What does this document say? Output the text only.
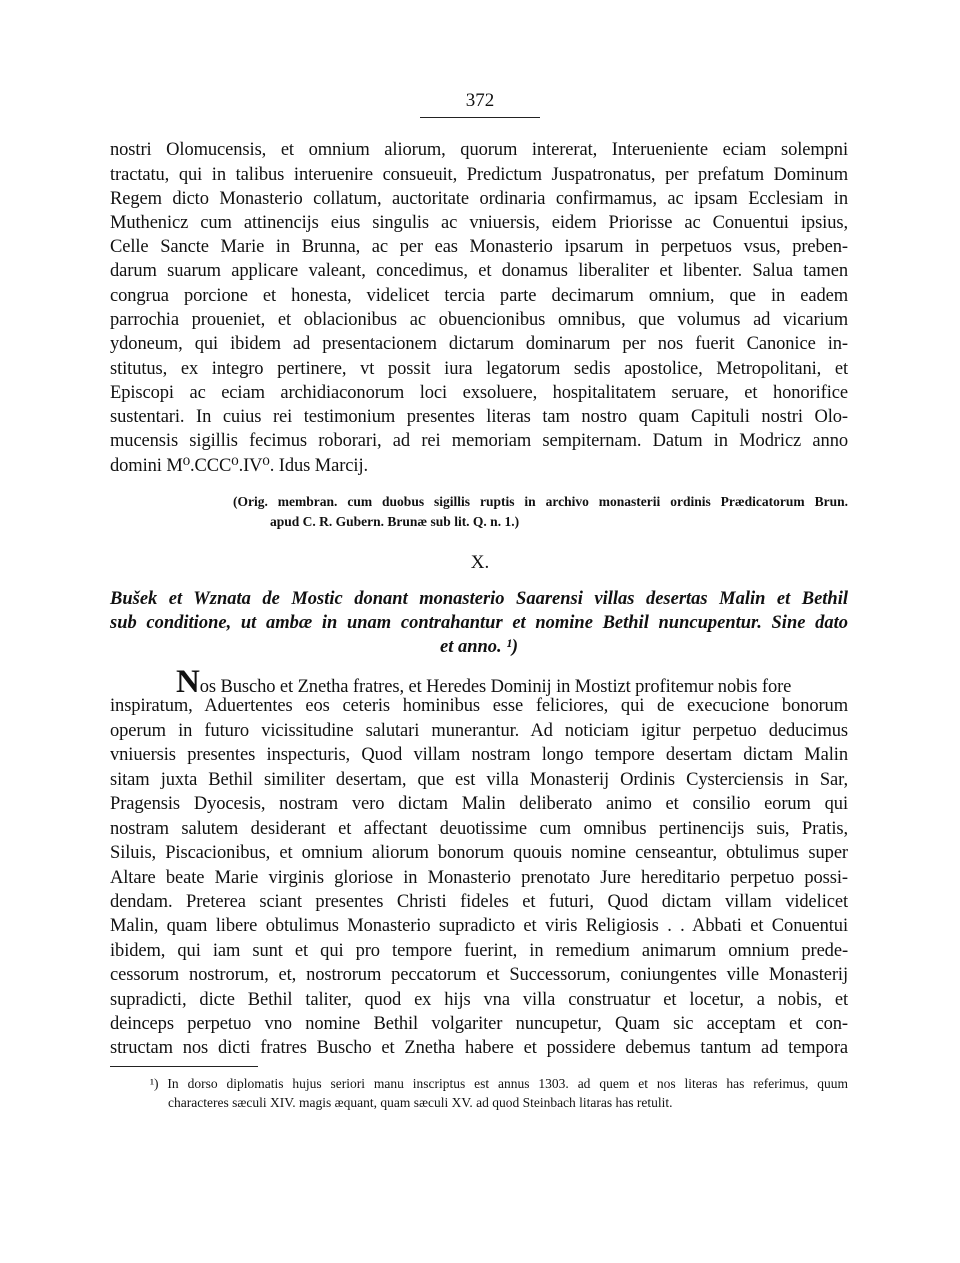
372
nostri Olomucensis, et omnium aliorum, quorum intererat, Interueniente eciam solempni
tractatu, qui in talibus interuenire consueuit, Predictum Juspatronatus, per prefatum Dominum
Regem dicto Monasterio collatum, auctoritate ordinaria confirmamus, ac ipsam Ecclesiam in
Muthenicz cum attinencijs eius singulis ac vniuersis, eidem Priorisse ac Conuentui ipsius,
Celle Sancte Marie in Brunna, ac per eas Monasterio ipsarum in perpetuos vsus, preben-
darum suarum applicare valeant, concedimus, et donamus liberaliter et libenter. Salua tamen
congrua porcione et honesta, videlicet tercia parte decimarum omnium, que in eadem
parrochia proueniet, et oblacionibus ac obuencionibus omnibus, que volumus ad vicarium
ydoneum, qui ibidem ad presentacionem dictarum dominarum per nos fuerit Canonice in-
stitutus, ex integro pertinere, vt possit iura legatorum sedis apostolice, Metropolitani, et
Episcopi ac eciam archidiaconorum loci exsoluere, hospitalitatem seruare, et honorifice
sustentari. In cuius rei testimonium presentes literas tam nostro quam Capituli nostri Olo-
mucensis sigillis fecimus roborari, ad rei memoriam sempiternam. Datum in Modricz anno
domini M⁰.CCC⁰.IV⁰. Idus Marcij.
(Orig. membran. cum duobus sigillis ruptis in archivo monasterii ordinis Prædicatorum Brun.
apud C. R. Gubern. Brunæ sub lit. Q. n. 1.)
X.
Bušek et Wznata de Mostic donant monasterio Saarensi villas desertas Malin et Bethil
sub conditione, ut ambæ in unam contrahantur et nomine Bethil nuncupentur. Sine dato
et anno. ¹)
Nos Buscho et Znetha fratres, et Heredes Dominij in Mostizt profitemur nobis fore
inspiratum, Aduertentes eos ceteris hominibus esse feliciores, qui de execucione bonorum
operum in futuro vicissitudine salutari munerantur. Ad noticiam igitur perpetuo deducimus
vniuersis presentes inspecturis, Quod villam nostram longo tempore desertam dictam Malin
sitam juxta Bethil similiter desertam, que est villa Monasterij Ordinis Cysterciensis in Sar,
Pragensis Dyocesis, nostram vero dictam Malin deliberato animo et consilio eorum qui
nostram salutem desiderant et affectant deuotissime cum omnibus pertinencijs suis, Pratis,
Siluis, Piscacionibus, et omnium aliorum bonorum quouis nomine censeantur, obtulimus super
Altare beate Marie virginis gloriose in Monasterio prenotato Jure hereditario perpetuo possi-
dendam. Preterea sciant presentes Christi fideles et futuri, Quod dictam villam videlicet
Malin, quam libere obtulimus Monasterio supradicto et viris Religiosis . . Abbati et Conuentui
ibidem, qui iam sunt et qui pro tempore fuerint, in remedium animarum omnium prede-
cessorum nostrorum, et, nostrorum peccatorum et Successorum, coniungentes ville Monasterij
supradicti, dicte Bethil taliter, quod ex hijs vna villa construatur et locetur, a nobis, et
deinceps perpetuo vno nomine Bethil volgariter nuncupetur, Quam sic acceptam et con-
structam nos dicti fratres Buscho et Znetha habere et possidere debemus tantum ad tempora
¹) In dorso diplomatis hujus seriori manu inscriptus est annus 1303. ad quem et nos literas has referimus, quum
characteres sæculi XIV. magis æquant, quam sæculi XV. ad quod Steinbach litaras has retulit.
